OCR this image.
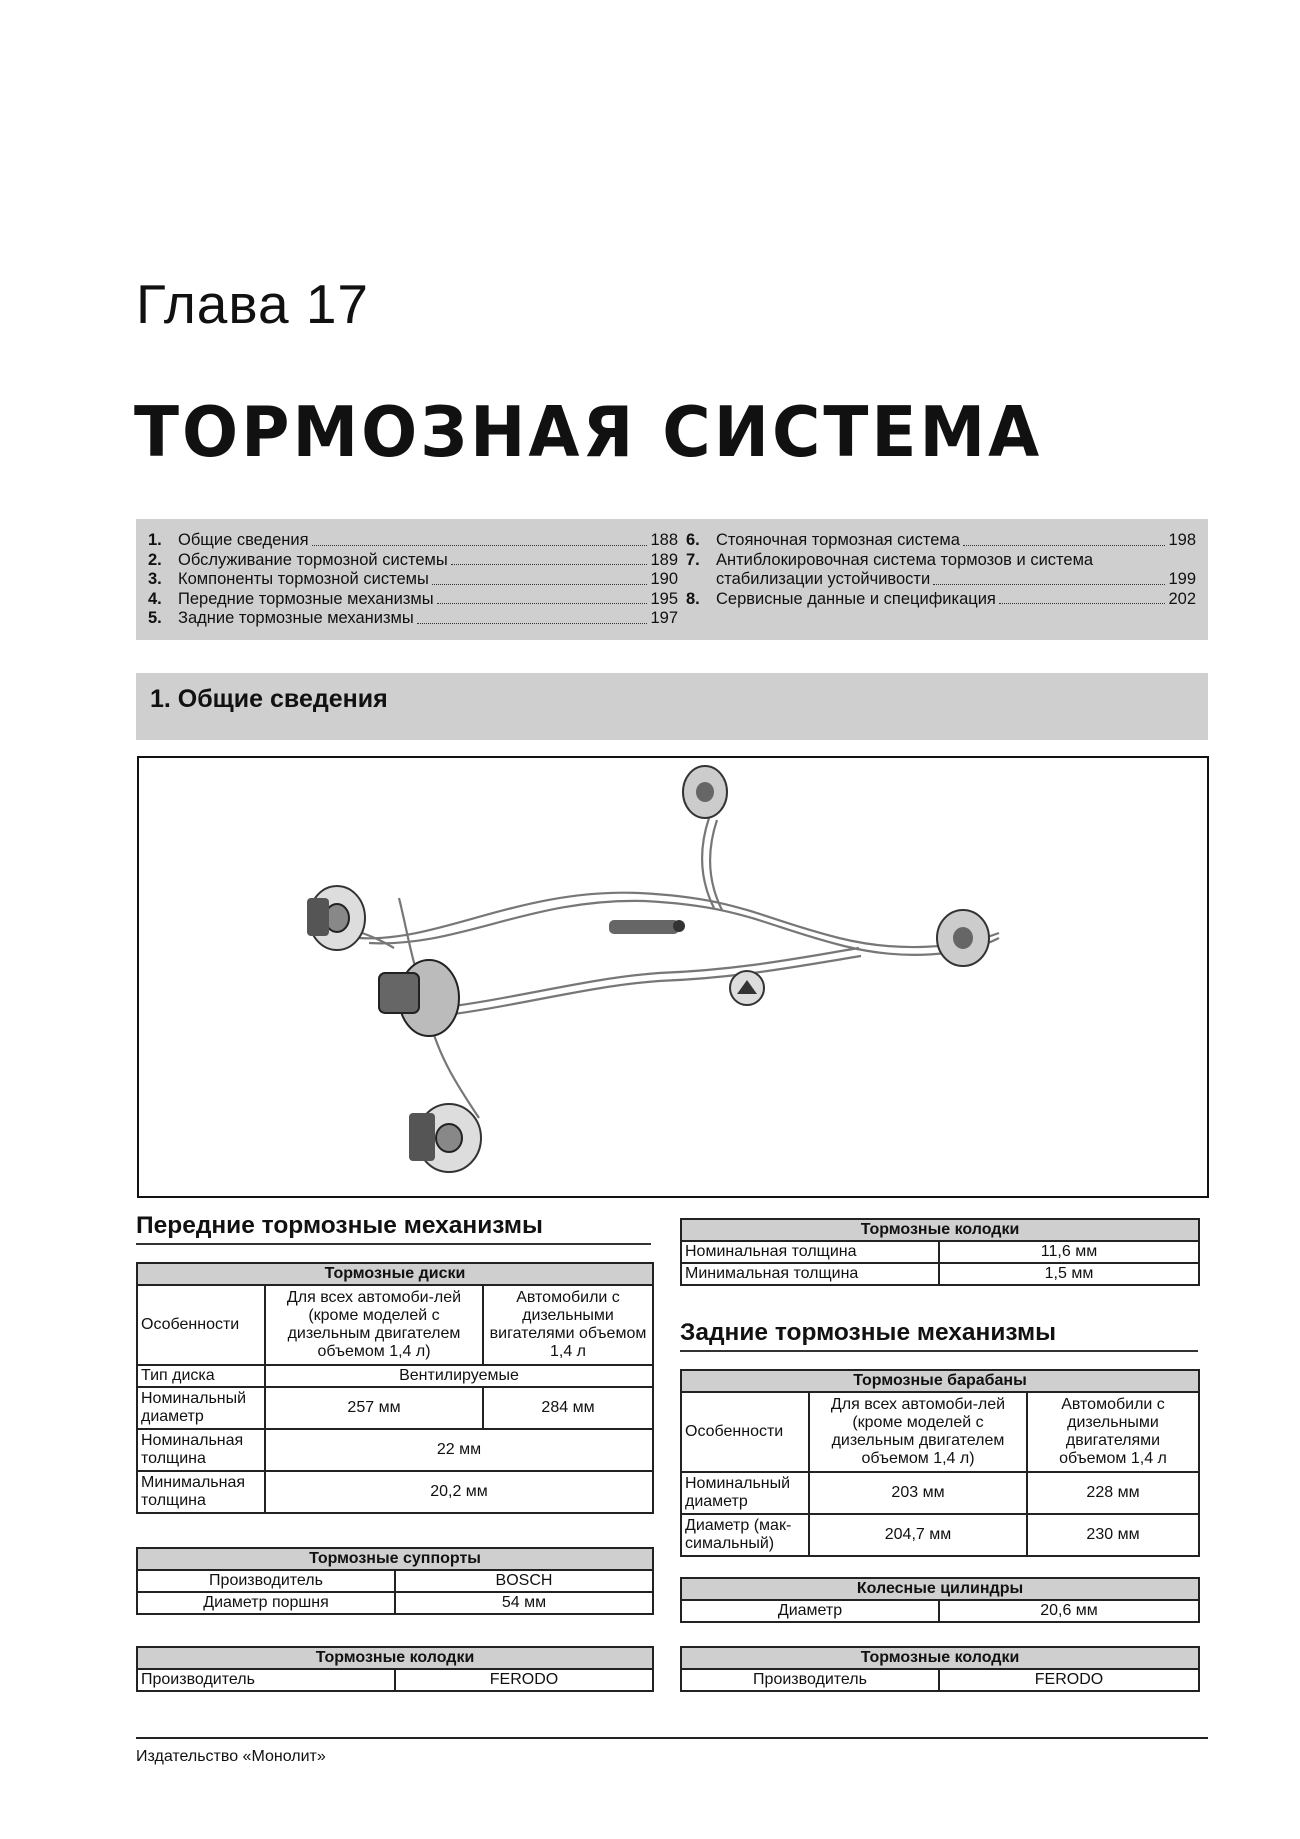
Глава 17
ТОРМОЗНАЯ СИСТЕМА
1. Общие сведения	188
2. Обслуживание тормозной системы	189
3. Компоненты тормозной системы	190
4. Передние тормозные механизмы	195
5. Задние тормозные механизмы	197
6. Стояночная тормозная система	198
7. Антиблокировочная система тормозов и система
стабилизации устойчивости	199
8. Сервисные данные и спецификация	202
1. Общие сведения
Передние тормозные механизмы
Тормозные диски		
Особенности	Для всех автомоби-лей (кроме моделей с дизельным двигателем объемом 1,4 л)	Автомобили с дизельными вигателями объемом 1,4 л
Тип диска	Вентилируемые	
Номинальный диаметр	257 мм	284 мм
Номинальная толщина	22 мм	
Минимальная толщина	20,2 мм	
Тормозные суппорты	
Производитель	BOSCH
Диаметр поршня	54 мм
Тормозные колодки
Производитель	FERODO
Тормозные колодки	
Номинальная толщина	11,6 мм
Минимальная толщина	1,5 мм
Задние тормозные механизмы
Тормозные барабаны		
Особенности	Для всех автомоби-лей (кроме моделей с дизельным двигателем объемом 1,4 л)	Автомобили с дизельными двигателями объемом 1,4 л
Номинальный диаметр	203 мм	228 мм
Диаметр (мак-симальный)	204,7 мм	230 мм
Колесные цилиндры
Диаметр	20,6 мм
Тормозные колодки
Производитель	FERODO
Издательство «Монолит»
